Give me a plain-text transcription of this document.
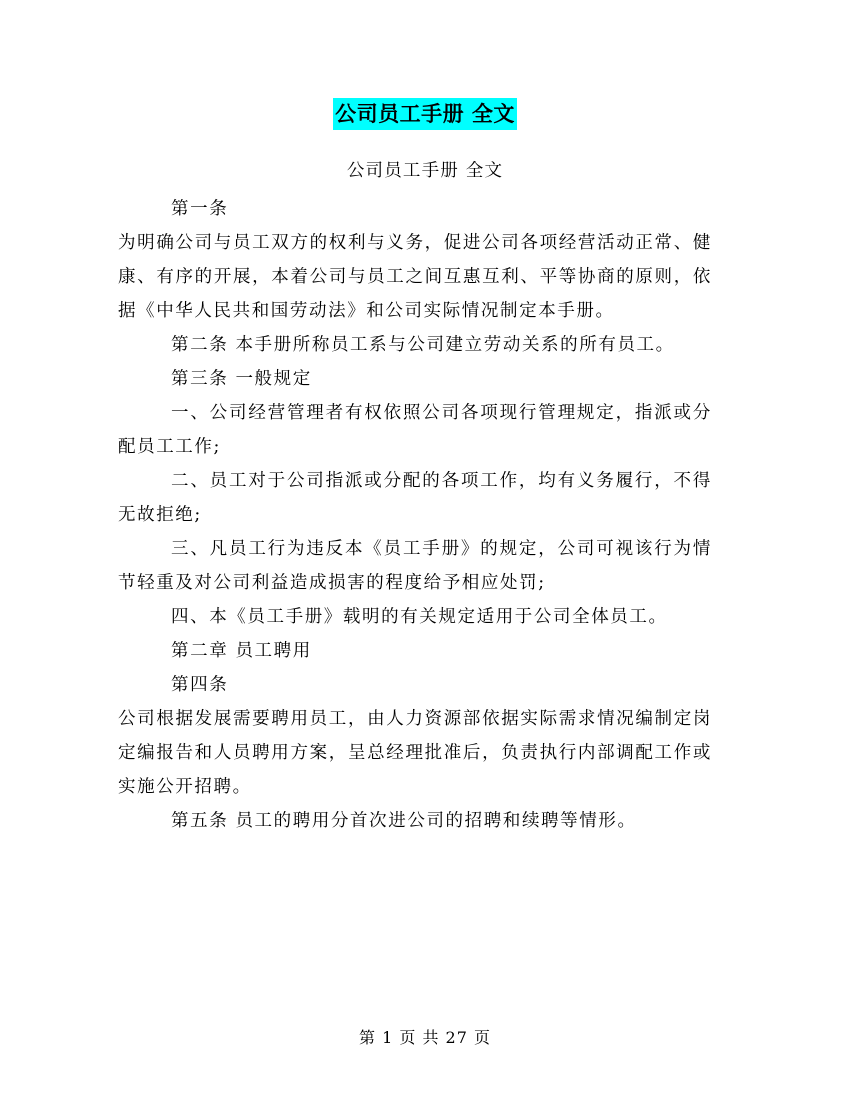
公司员工手册 全文
公司员工手册 全文

第一条

为明确公司与员工双方的权利与义务，促进公司各项经营活动正常、健康、有序的开展，本着公司与员工之间互惠互利、平等协商的原则，依据《中华人民共和国劳动法》和公司实际情况制定本手册。

第二条 本手册所称员工系与公司建立劳动关系的所有员工。

第三条 一般规定

一、公司经营管理者有权依照公司各项现行管理规定，指派或分配员工工作;

二、员工对于公司指派或分配的各项工作，均有义务履行，不得无故拒绝;

三、凡员工行为违反本《员工手册》的规定，公司可视该行为情节轻重及对公司利益造成损害的程度给予相应处罚;

四、本《员工手册》载明的有关规定适用于公司全体员工。

第二章 员工聘用

第四条

公司根据发展需要聘用员工，由人力资源部依据实际需求情况编制定岗定编报告和人员聘用方案，呈总经理批准后，负责执行内部调配工作或实施公开招聘。

第五条 员工的聘用分首次进公司的招聘和续聘等情形。

第 1 页 共 27 页
